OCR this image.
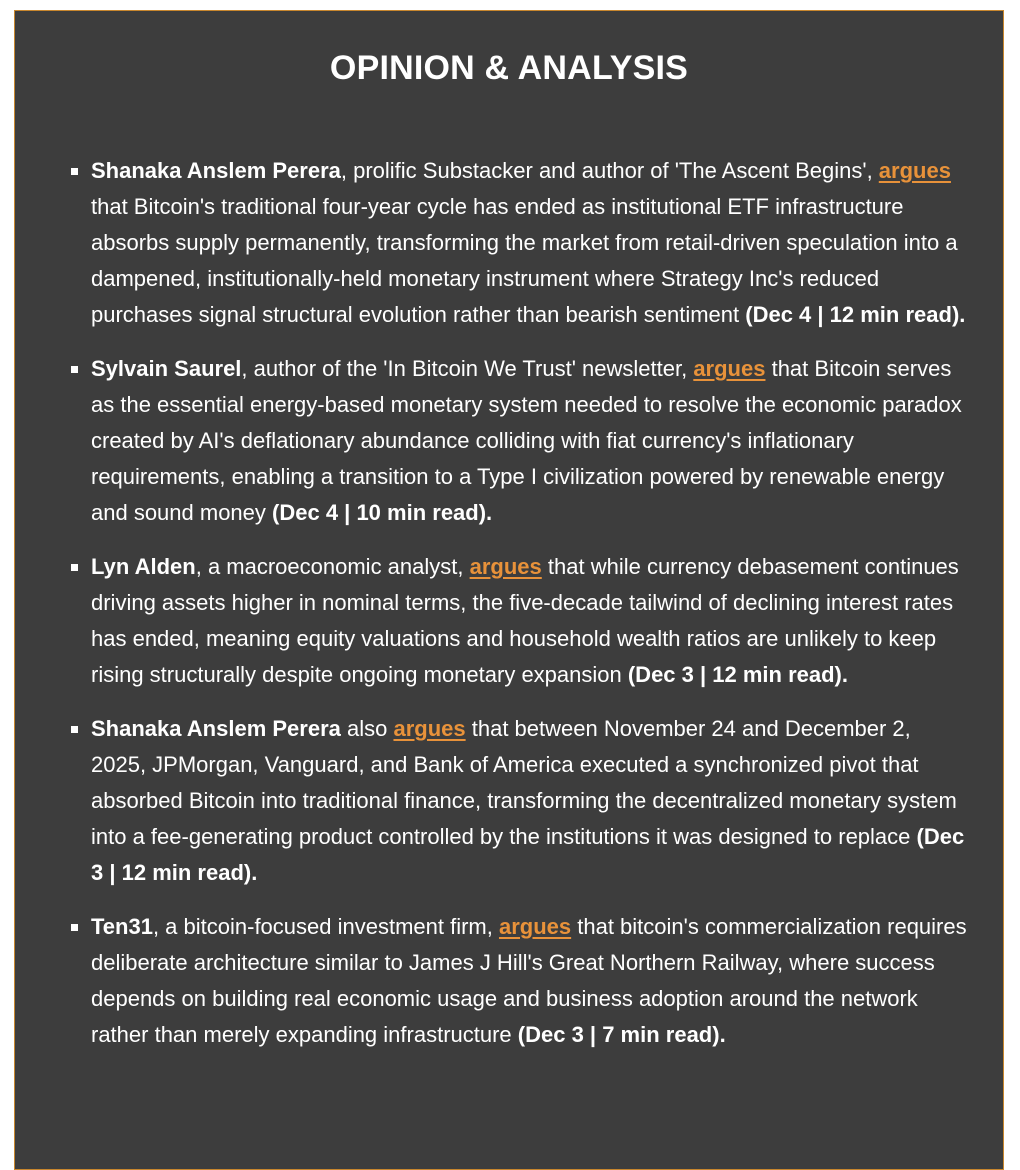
OPINION & ANALYSIS
Shanaka Anslem Perera, prolific Substacker and author of 'The Ascent Begins', argues that Bitcoin's traditional four-year cycle has ended as institutional ETF infrastructure absorbs supply permanently, transforming the market from retail-driven speculation into a dampened, institutionally-held monetary instrument where Strategy Inc's reduced purchases signal structural evolution rather than bearish sentiment (Dec 4 | 12 min read).
Sylvain Saurel, author of the 'In Bitcoin We Trust' newsletter, argues that Bitcoin serves as the essential energy-based monetary system needed to resolve the economic paradox created by AI's deflationary abundance colliding with fiat currency's inflationary requirements, enabling a transition to a Type I civilization powered by renewable energy and sound money (Dec 4 | 10 min read).
Lyn Alden, a macroeconomic analyst, argues that while currency debasement continues driving assets higher in nominal terms, the five-decade tailwind of declining interest rates has ended, meaning equity valuations and household wealth ratios are unlikely to keep rising structurally despite ongoing monetary expansion (Dec 3 | 12 min read).
Shanaka Anslem Perera also argues that between November 24 and December 2, 2025, JPMorgan, Vanguard, and Bank of America executed a synchronized pivot that absorbed Bitcoin into traditional finance, transforming the decentralized monetary system into a fee-generating product controlled by the institutions it was designed to replace (Dec 3 | 12 min read).
Ten31, a bitcoin-focused investment firm, argues that bitcoin's commercialization requires deliberate architecture similar to James J Hill's Great Northern Railway, where success depends on building real economic usage and business adoption around the network rather than merely expanding infrastructure (Dec 3 | 7 min read).
